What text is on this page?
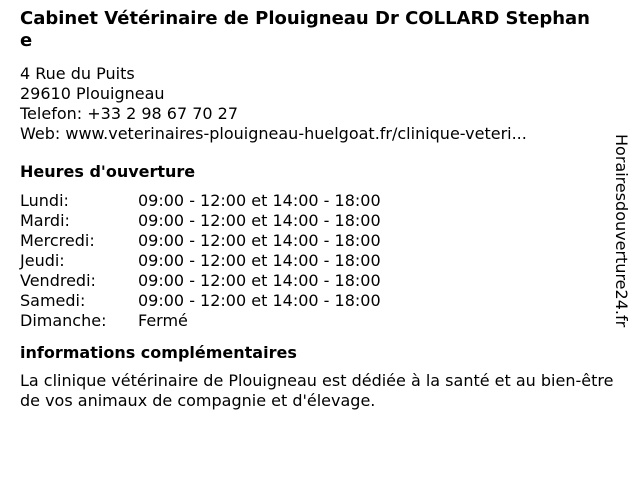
Cabinet Vétérinaire de Plouigneau Dr COLLARD Stephane
4 Rue du Puits
29610 Plouigneau
Telefon: +33 2 98 67 70 27
Web: www.veterinaires-plouigneau-huelgoat.fr/clinique-veteri...
Heures d'ouverture
Lundi:	09:00 - 12:00 et 14:00 - 18:00
Mardi:	09:00 - 12:00 et 14:00 - 18:00
Mercredi:	09:00 - 12:00 et 14:00 - 18:00
Jeudi:	09:00 - 12:00 et 14:00 - 18:00
Vendredi:	09:00 - 12:00 et 14:00 - 18:00
Samedi:	09:00 - 12:00 et 14:00 - 18:00
Dimanche:	Fermé
informations complémentaires

La clinique vétérinaire de Plouigneau est dédiée à la santé et au bien-être de vos animaux de compagnie et d'élevage.

Horairesdouverture24.fr
